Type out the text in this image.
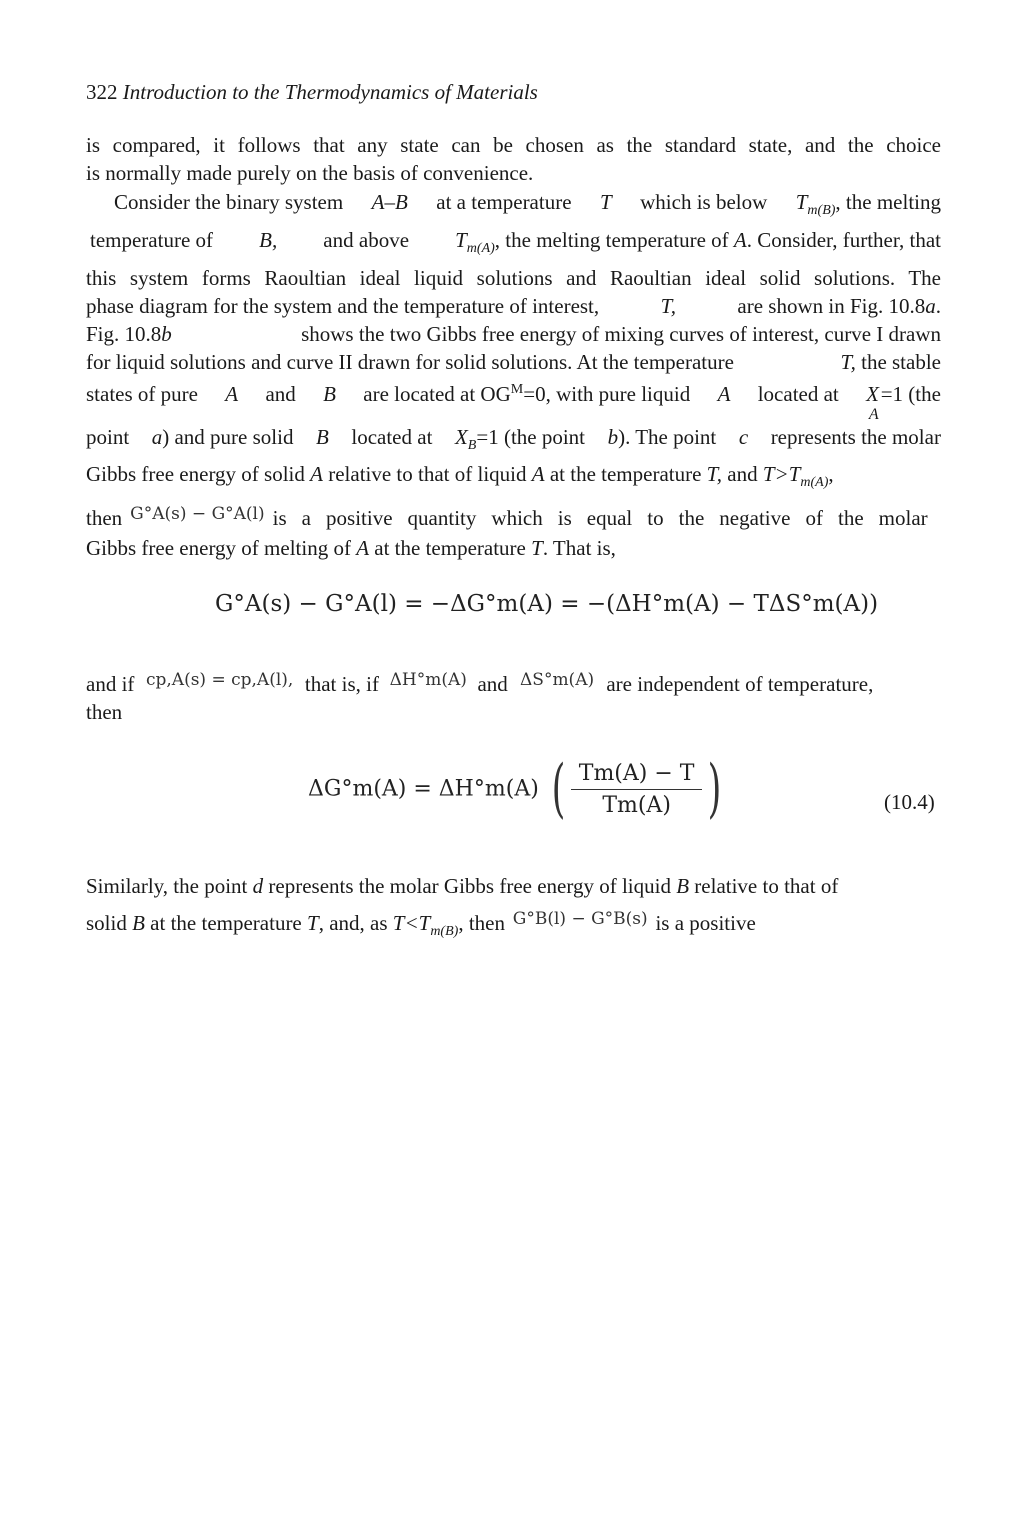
322 Introduction to the Thermodynamics of Materials
is compared, it follows that any state can be chosen as the standard state, and the choice
is normally made purely on the basis of convenience.
Consider the binary system A–B at a temperature T which is below $T_{m(B)}$, the melting
temperature of B, and above $T_{m(A)}$, the melting temperature of A. Consider, further, that
this system forms Raoultian ideal liquid solutions and Raoultian ideal solid solutions. The
phase diagram for the system and the temperature of interest,	T,	are shown in Fig. 10.8a.
Fig. 10.8b	shows the two Gibbs free energy of mixing curves of interest, curve I drawn
for liquid solutions and curve II drawn for solid solutions. At the temperature	T, the stable
states of pure A and B are located at $OG^M=0$, with pure liquid A located at $X_A=1$ (the
point a) and pure solid B located at $X_B=1$ (the point b). The point c represents the molar
Gibbs free energy of solid A relative to that of liquid A at the temperature T, and $T>T_{m(A)}$,
then G°A(s) − G°A(l) is a positive quantity which is equal to the negative of the molar
Gibbs free energy of melting of A at the temperature T. That is,
G°A(s) − G°A(l) = −ΔG°m(A) = −(ΔH°m(A) − TΔS°m(A))
and if cp,A(s) = cp,A(l), that is, if ΔH°m(A) and ΔS°m(A) are independent of temperature,
then
ΔG°m(A) = ΔH°m(A) ( $\frac{Tm(A) - T}{Tm(A)}$ )	(10.4)
Similarly, the point d represents the molar Gibbs free energy of liquid B relative to that of
solid B at the temperature T, and, as $T<T_{m(B)}$, then G°B(l) − G°B(s) is a positive
